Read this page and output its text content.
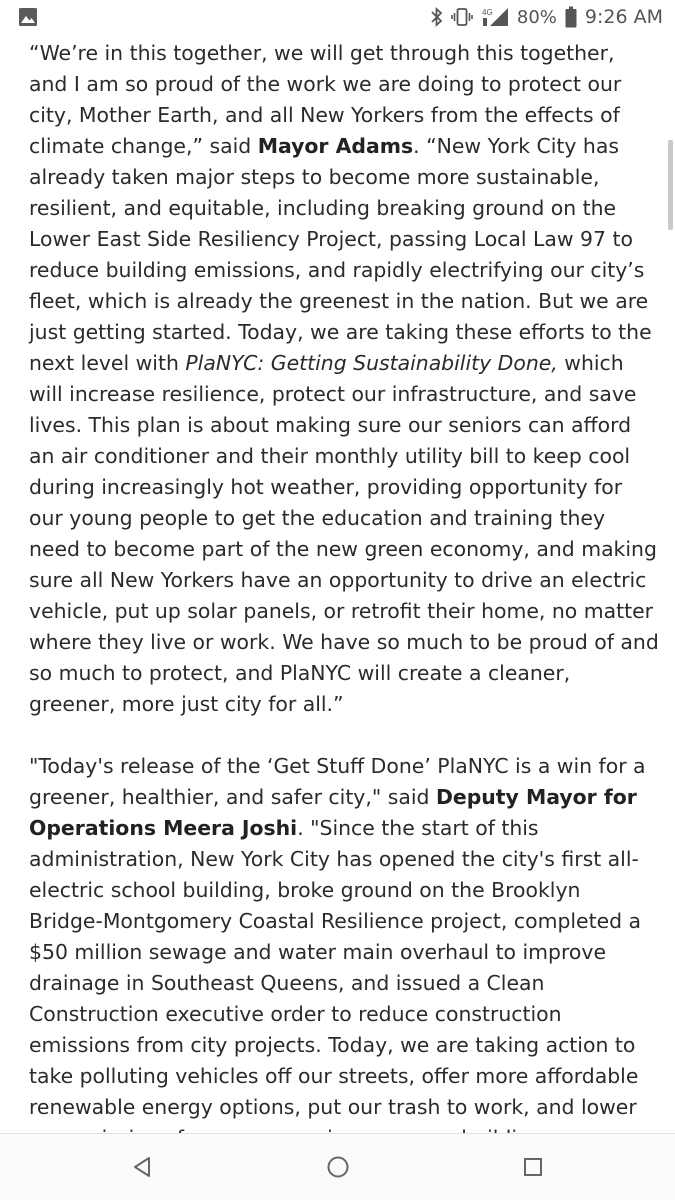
4G 80% 9:26 AM

“We’re in this together, we will get through this together, and I am so proud of the work we are doing to protect our city, Mother Earth, and all New Yorkers from the effects of climate change,” said Mayor Adams. “New York City has already taken major steps to become more sustainable, resilient, and equitable, including breaking ground on the Lower East Side Resiliency Project, passing Local Law 97 to reduce building emissions, and rapidly electrifying our city’s fleet, which is already the greenest in the nation. But we are just getting started. Today, we are taking these efforts to the next level with PlaNYC: Getting Sustainability Done, which will increase resilience, protect our infrastructure, and save lives. This plan is about making sure our seniors can afford an air conditioner and their monthly utility bill to keep cool during increasingly hot weather, providing opportunity for our young people to get the education and training they need to become part of the new green economy, and making sure all New Yorkers have an opportunity to drive an electric vehicle, put up solar panels, or retrofit their home, no matter where they live or work. We have so much to be proud of and so much to protect, and PlaNYC will create a cleaner, greener, more just city for all.”

"Today's release of the ‘Get Stuff Done’ PlaNYC is a win for a greener, healthier, and safer city," said Deputy Mayor for Operations Meera Joshi. "Since the start of this administration, New York City has opened the city's first all-electric school building, broke ground on the Brooklyn Bridge-Montgomery Coastal Resilience project, completed a $50 million sewage and water main overhaul to improve drainage in Southeast Queens, and issued a Clean Construction executive order to reduce construction emissions from city projects. Today, we are taking action to take polluting vehicles off our streets, offer more affordable renewable energy options, put our trash to work, and lower
